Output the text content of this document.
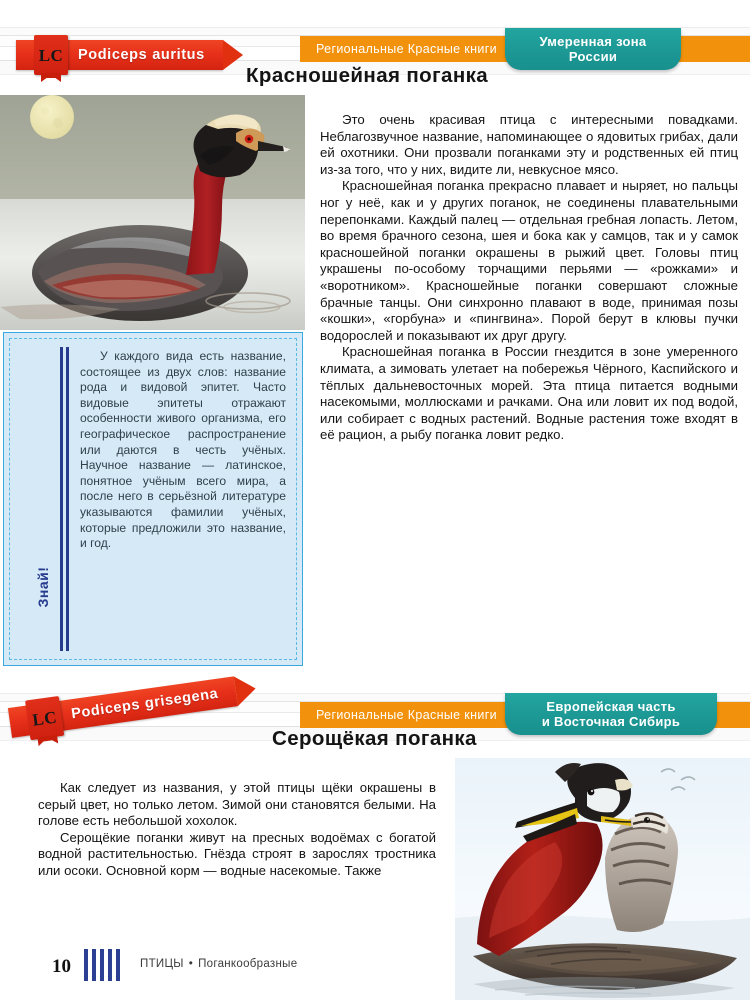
Региональные Красные книги
Умеренная зона
России
LC	Podiceps auritus
Красношейная поганка

Это очень красивая птица с интересными повадками. Неблагозвучное название, напоминающее о ядовитых грибах, дали ей охотники. Они прозвали поганками эту и родственных ей птиц из-за того, что у них, видите ли, невкусное мясо.

Красношейная поганка прекрасно плавает и ныряет, но пальцы ног у неё, как и у других поганок, не соединены плавательными перепонками. Каждый палец — отдельная гребная лопасть. Летом, во время брачного сезона, шея и бока как у самцов, так и у самок красношейной поганки окрашены в рыжий цвет. Головы птиц украшены по-особому торчащими перьями — «рожками» и «воротником». Красношейные поганки совершают сложные брачные танцы. Они синхронно плавают в воде, принимая позы «кошки», «горбуна» и «пингвина». Порой берут в клювы пучки водорослей и показывают их друг другу.

Красношейная поганка в России гнездится в зоне умеренного климата, а зимовать улетает на побережья Чёрного, Каспийского и тёплых дальневосточных морей. Эта птица питается водными насекомыми, моллюсками и рачками. Она или ловит их под водой, или собирает с водных растений. Водные растения тоже входят в её рацион, а рыбу поганка ловит редко.

Знай!
У каждого вида есть название, состоящее из двух слов: название рода и видовой эпитет. Часто видовые эпитеты отражают особенности живого организма, его географическое распространение или даются в честь учёных. Научное название — латинское, понятное учёным всего мира, а после него в серьёзной литературе указываются фамилии учёных, которые предложили это название, и год.
Региональные Красные книги
Европейская часть
и Восточная Сибирь
LC Podiceps grisegena
Серощёкая поганка

Как следует из названия, у этой птицы щёки окрашены в серый цвет, но только летом. Зимой они становятся белыми. На голове есть небольшой хохолок.

Серощёкие поганки живут на пресных водоёмах с богатой водной растительностью. Гнёзда строят в зарослях тростника или осоки. Основной корм — водные насекомые. Также

10	ПТИЦЫ • Поганкообразные
